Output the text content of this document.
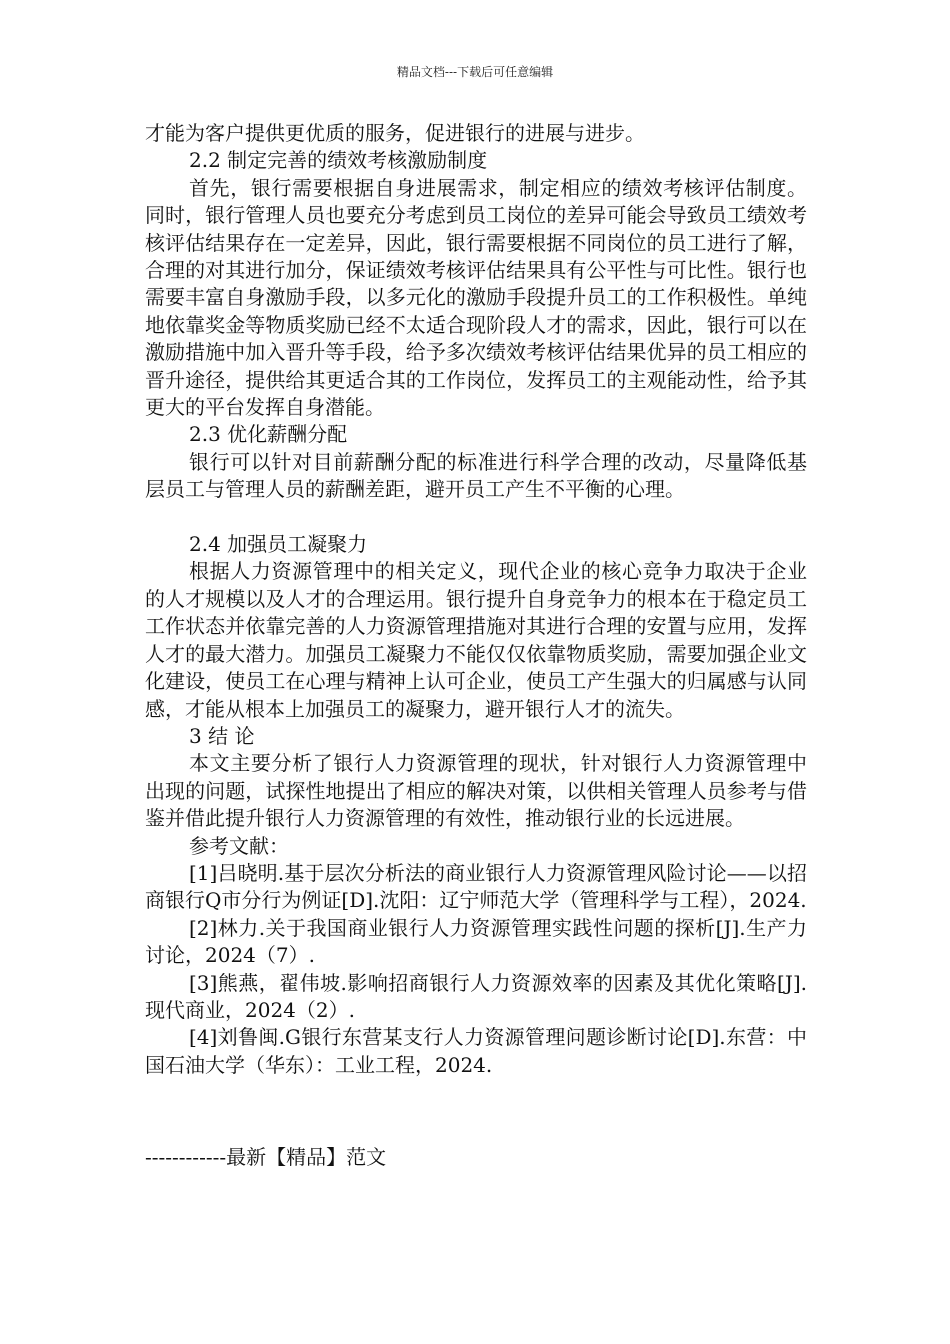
精品文档---下载后可任意编辑

才能为客户提供更优质的服务，促进银行的进展与进步。

2.2 制定完善的绩效考核激励制度

首先，银行需要根据自身进展需求，制定相应的绩效考核评估制度。同时，银行管理人员也要充分考虑到员工岗位的差异可能会导致员工绩效考核评估结果存在一定差异，因此，银行需要根据不同岗位的员工进行了解，合理的对其进行加分，保证绩效考核评估结果具有公平性与可比性。银行也需要丰富自身激励手段，以多元化的激励手段提升员工的工作积极性。单纯地依靠奖金等物质奖励已经不太适合现阶段人才的需求，因此，银行可以在激励措施中加入晋升等手段，给予多次绩效考核评估结果优异的员工相应的晋升途径，提供给其更适合其的工作岗位，发挥员工的主观能动性，给予其更大的平台发挥自身潜能。

2.3 优化薪酬分配

银行可以针对目前薪酬分配的标准进行科学合理的改动，尽量降低基层员工与管理人员的薪酬差距，避开员工产生不平衡的心理。

2.4 加强员工凝聚力

根据人力资源管理中的相关定义，现代企业的核心竞争力取决于企业的人才规模以及人才的合理运用。银行提升自身竞争力的根本在于稳定员工工作状态并依靠完善的人力资源管理措施对其进行合理的安置与应用，发挥人才的最大潜力。加强员工凝聚力不能仅仅依靠物质奖励，需要加强企业文化建设，使员工在心理与精神上认可企业，使员工产生强大的归属感与认同感，才能从根本上加强员工的凝聚力，避开银行人才的流失。

3 结 论

本文主要分析了银行人力资源管理的现状，针对银行人力资源管理中出现的问题，试探性地提出了相应的解决对策，以供相关管理人员参考与借鉴并借此提升银行人力资源管理的有效性，推动银行业的长远进展。

参考文献：

[1]吕晓明.基于层次分析法的商业银行人力资源管理风险讨论——以招商银行Q市分行为例证[D].沈阳：辽宁师范大学（管理科学与工程），2024.

[2]林力.关于我国商业银行人力资源管理实践性问题的探析[J].生产力讨论，2024（7）.

[3]熊燕，翟伟坡.影响招商银行人力资源效率的因素及其优化策略[J].现代商业，2024（2）.

[4]刘鲁闽.G银行东营某支行人力资源管理问题诊断讨论[D].东营：中国石油大学（华东）：工业工程，2024.

------------最新【精品】范文
